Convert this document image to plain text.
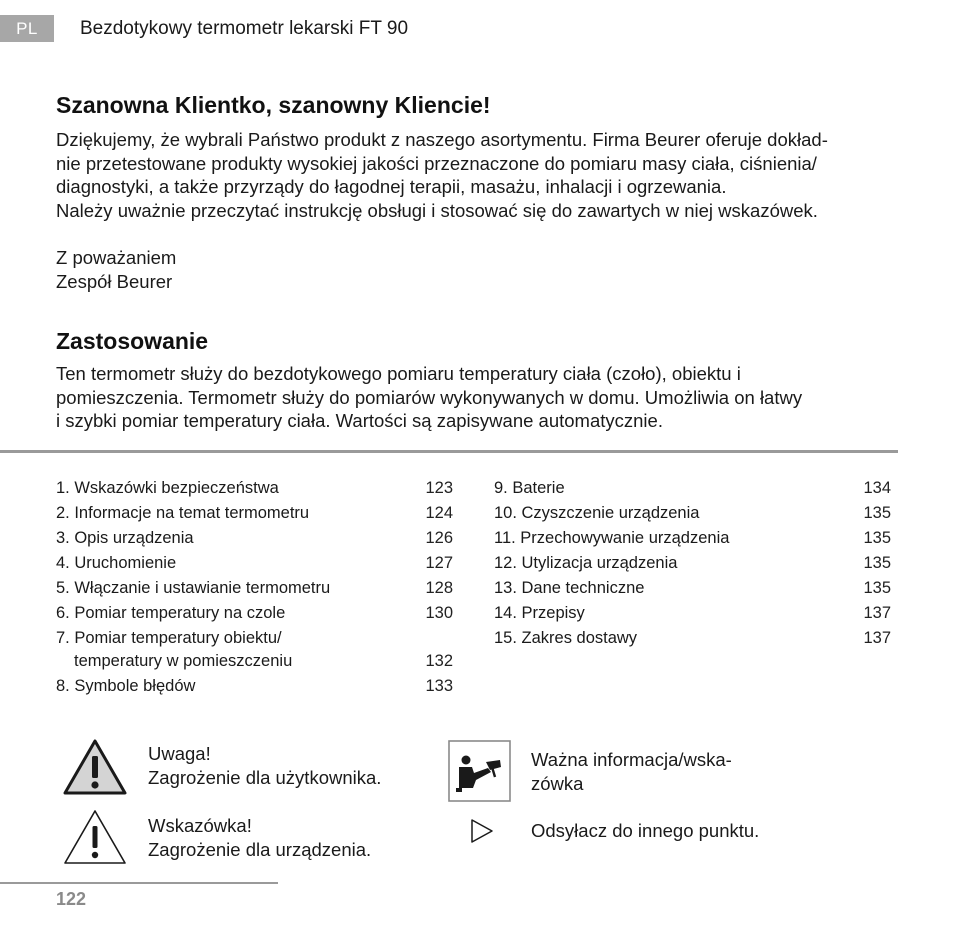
PL	Bezdotykowy termometr lekarski FT 90
Szanowna Klientko, szanowny Kliencie!

Dziękujemy, że wybrali Państwo produkt z naszego asortymentu. Firma Beurer oferuje dokład-

nie przetestowane produkty wysokiej jakości przeznaczone do pomiaru masy ciała, ciśnienia/

diagnostyki, a także przyrządy do łagodnej terapii, masażu, inhalacji i ogrzewania.

Należy uważnie przeczytać instrukcję obsługi i stosować się do zawartych w niej wskazówek.

Z poważaniem
Zespół Beurer
Zastosowanie

Ten termometr służy do bezdotykowego pomiaru temperatury ciała (czoło), obiektu i

pomieszczenia. Termometr służy do pomiarów wykonywanych w domu. Umożliwia on łatwy

i szybki pomiar temperatury ciała. Wartości są zapisywane automatycznie.

1. Wskazówki bezpieczeństwa	123
2. Informacje na temat termometru	124
3. Opis urządzenia	126
4. Uruchomienie	127
5. Włączanie i ustawianie termometru	128
6. Pomiar temperatury na czole	130
7. Pomiar temperatury obiektu/
temperatury w pomieszczeniu	132
8. Symbole błędów	133
9. Baterie	134
10. Czyszczenie urządzenia	135
11. Przechowywanie urządzenia	135
12. Utylizacja urządzenia	135
13. Dane techniczne	135
14. Przepisy	137
15. Zakres dostawy	137
Uwaga!
Zagrożenie dla użytkownika.
Wskazówka!
Zagrożenie dla urządzenia.
Ważna informacja/wska-
zówka
Odsyłacz do innego punktu.
122
